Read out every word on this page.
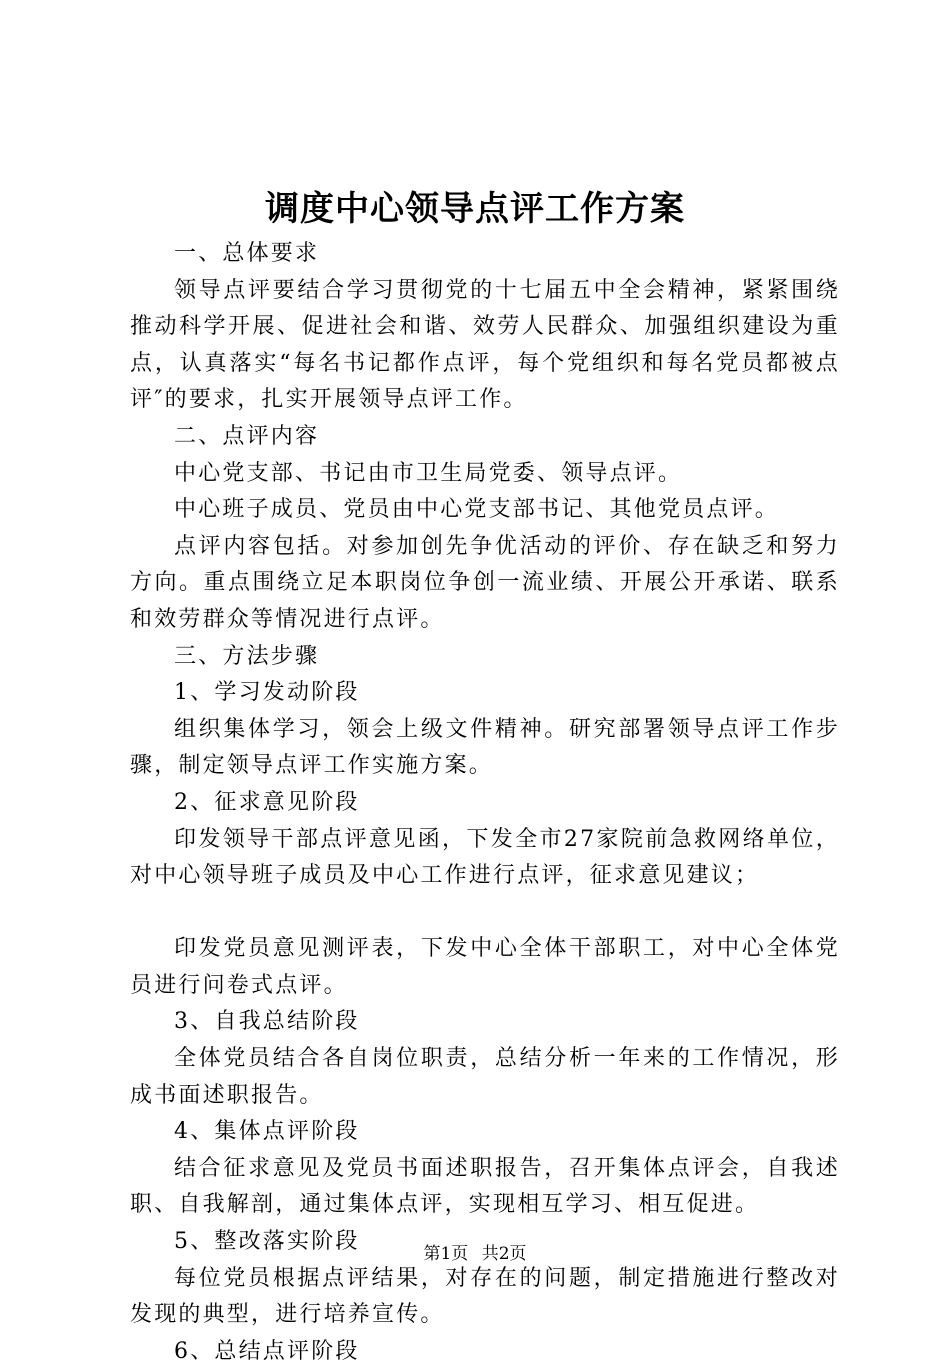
调度中心领导点评工作方案

一、总体要求

领导点评要结合学习贯彻党的十七届五中全会精神，紧紧围绕推动科学开展、促进社会和谐、效劳人民群众、加强组织建设为重点，认真落实“每名书记都作点评，每个党组织和每名党员都被点评″的要求，扎实开展领导点评工作。

二、点评内容

中心党支部、书记由市卫生局党委、领导点评。

中心班子成员、党员由中心党支部书记、其他党员点评。

点评内容包括。对参加创先争优活动的评价、存在缺乏和努力方向。重点围绕立足本职岗位争创一流业绩、开展公开承诺、联系和效劳群众等情况进行点评。

三、方法步骤

1、学习发动阶段

组织集体学习，领会上级文件精神。研究部署领导点评工作步骤，制定领导点评工作实施方案。

2、征求意见阶段

印发领导干部点评意见函，下发全市27家院前急救网络单位，对中心领导班子成员及中心工作进行点评，征求意见建议；

印发党员意见测评表，下发中心全体干部职工，对中心全体党员进行问卷式点评。

3、自我总结阶段

全体党员结合各自岗位职责，总结分析一年来的工作情况，形成书面述职报告。

4、集体点评阶段

结合征求意见及党员书面述职报告，召开集体点评会，自我述职、自我解剖，通过集体点评，实现相互学习、相互促进。

5、整改落实阶段

每位党员根据点评结果，对存在的问题，制定措施进行整改对发现的典型，进行培养宣传。

6、总结点评阶段

第1页 共2页
